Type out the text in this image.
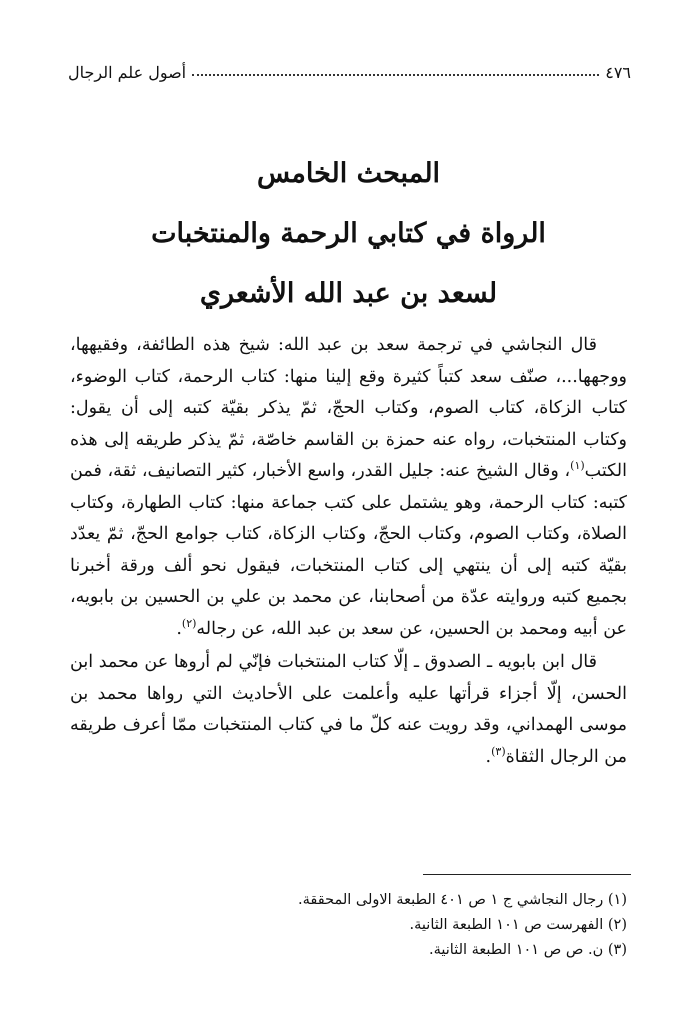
٤٧٦
أصول علم الرجال
المبحث الخامس
الرواة في كتابي الرحمة والمنتخبات
لسعد بن عبد الله الأشعري

قال النجاشي في ترجمة سعد بن عبد الله: شيخ هذه الطائفة، وفقيهها، ووجهها...، صنّف سعد كتباً كثيرة وقع إلينا منها: كتاب الرحمة، كتاب الوضوء، كتاب الزكاة، كتاب الصوم، وكتاب الحجّ، ثمّ يذكر بقيّة كتبه إلى أن يقول: وكتاب المنتخبات، رواه عنه حمزة بن القاسم خاصّة، ثمّ يذكر طريقه إلى هذه الكتب$^{(١)}$، وقال الشيخ عنه: جليل القدر، واسع الأخبار، كثير التصانيف، ثقة، فمن كتبه: كتاب الرحمة، وهو يشتمل على كتب جماعة منها: كتاب الطهارة، وكتاب الصلاة، وكتاب الصوم، وكتاب الحجّ، وكتاب الزكاة، كتاب جوامع الحجّ، ثمّ يعدّد بقيّة كتبه إلى أن ينتهي إلى كتاب المنتخبات، فيقول نحو ألف ورقة أخبرنا بجميع كتبه وروايته عدّة من أصحابنا، عن محمد بن علي بن الحسين بن بابويه، عن أبيه ومحمد بن الحسين، عن سعد بن عبد الله، عن رجاله$^{(٢)}$.

قال ابن بابويه ـ الصدوق ـ إلّا كتاب المنتخبات فإنّي لم أروها عن محمد ابن الحسن، إلّا أجزاء قرأتها عليه وأعلمت على الأحاديث التي رواها محمد بن موسى الهمداني، وقد رويت عنه كلّ ما في كتاب المنتخبات ممّا أعرف طريقه من الرجال الثقاة$^{(٣)}$.

(١) رجال النجاشي ج ١ ص ٤٠١ الطبعة الاولى المحققة.

(٢) الفهرست ص ١٠١ الطبعة الثانية.

(٣) ن. ص ص ١٠١ الطبعة الثانية.
